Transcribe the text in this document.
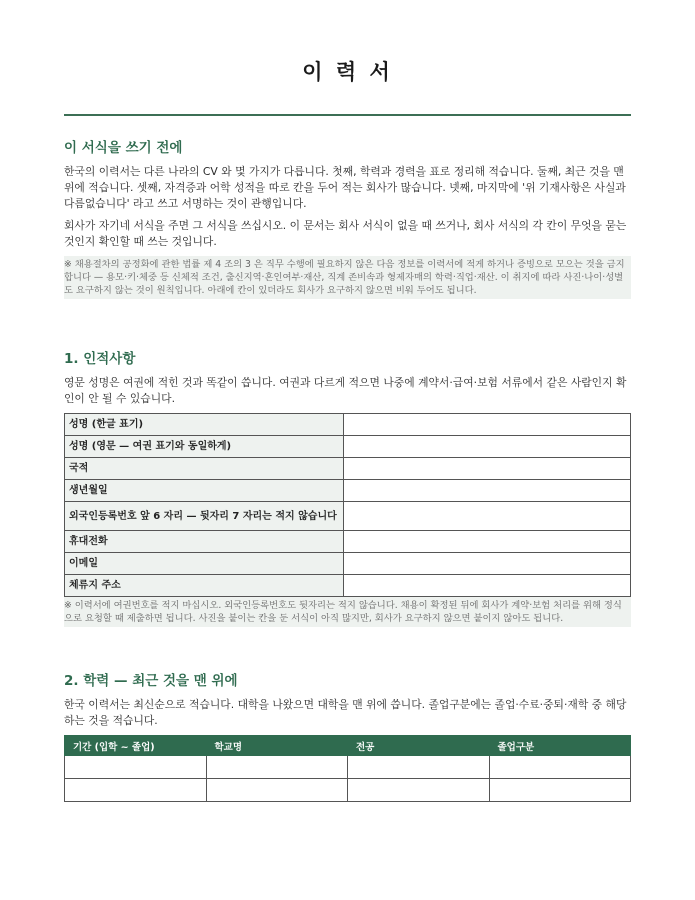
이 력 서
이 서식을 쓰기 전에

한국의 이력서는 다른 나라의 CV 와 몇 가지가 다릅니다. 첫째, 학력과 경력을 표로 정리해 적습니다. 둘째, 최근 것을 맨 위에 적습니다. 셋째, 자격증과 어학 성적을 따로 칸을 두어 적는 회사가 많습니다. 넷째, 마지막에 '위 기재사항은 사실과 다름없습니다' 라고 쓰고 서명하는 것이 관행입니다.

회사가 자기네 서식을 주면 그 서식을 쓰십시오. 이 문서는 회사 서식이 없을 때 쓰거나, 회사 서식의 각 칸이 무엇을 묻는 것인지 확인할 때 쓰는 것입니다.

※ 채용절차의 공정화에 관한 법률 제 4 조의 3 은 직무 수행에 필요하지 않은 다음 정보를 이력서에 적게 하거나 증빙으로 모으는 것을 금지합니다 — 용모·키·체중 등 신체적 조건, 출신지역·혼인여부·재산, 직계 존비속과 형제자매의 학력·직업·재산. 이 취지에 따라 사진·나이·성별도 요구하지 않는 것이 원칙입니다. 아래에 칸이 있더라도 회사가 요구하지 않으면 비워 두어도 됩니다.
1. 인적사항

영문 성명은 여권에 적힌 것과 똑같이 씁니다. 여권과 다르게 적으면 나중에 계약서·급여·보험 서류에서 같은 사람인지 확인이 안 될 수 있습니다.

성명 (한글 표기)	
성명 (영문 — 여권 표기와 동일하게)	
국적	
생년월일	
외국인등록번호 앞 6 자리 — 뒷자리 7 자리는 적지 않습니다	
휴대전화	
이메일	
체류지 주소	
※ 이력서에 여권번호를 적지 마십시오. 외국인등록번호도 뒷자리는 적지 않습니다. 채용이 확정된 뒤에 회사가 계약·보험 처리를 위해 정식으로 요청할 때 제출하면 됩니다. 사진을 붙이는 칸을 둔 서식이 아직 많지만, 회사가 요구하지 않으면 붙이지 않아도 됩니다.
2. 학력 — 최근 것을 맨 위에

한국 이력서는 최신순으로 적습니다. 대학을 나왔으면 대학을 맨 위에 씁니다. 졸업구분에는 졸업·수료·중퇴·재학 중 해당하는 것을 적습니다.

기간 (입학 ~ 졸업)	학교명	전공	졸업구분
